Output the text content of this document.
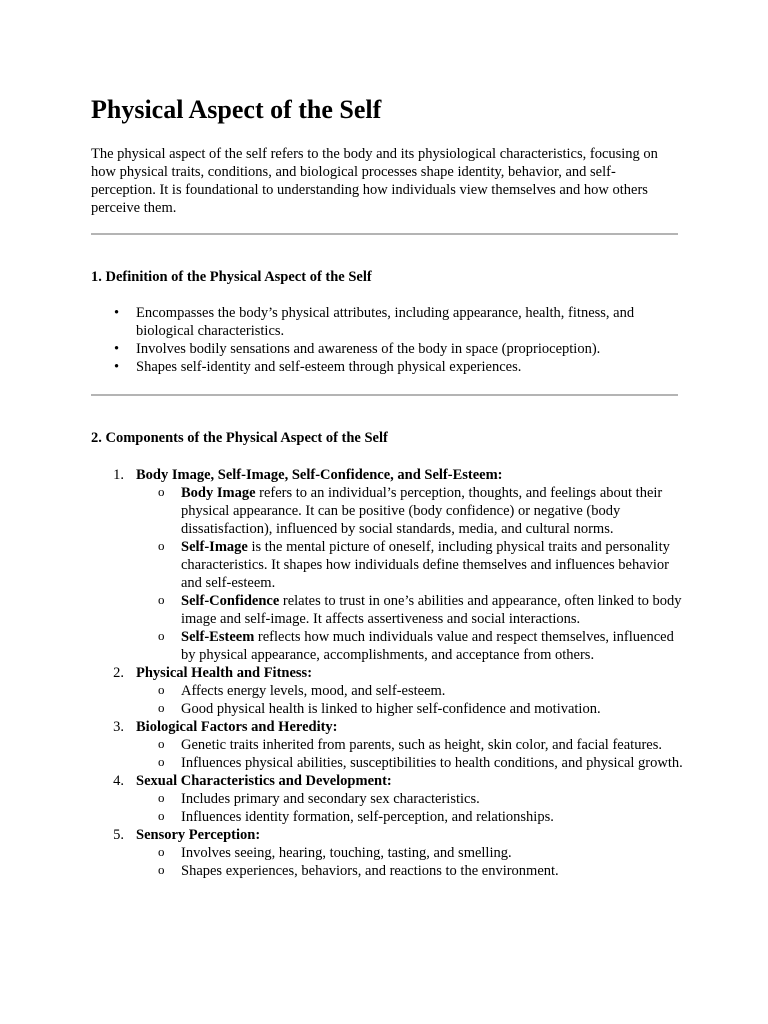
Physical Aspect of the Self

The physical aspect of the self refers to the body and its physiological characteristics, focusing on how physical traits, conditions, and biological processes shape identity, behavior, and self-perception. It is foundational to understanding how individuals view themselves and how others perceive them.

1. Definition of the Physical Aspect of the Self
• Encompasses the body’s physical attributes, including appearance, health, fitness, and biological characteristics.
• Involves bodily sensations and awareness of the body in space (proprioception).
• Shapes self-identity and self-esteem through physical experiences.
2. Components of the Physical Aspect of the Self
1. Body Image, Self-Image, Self-Confidence, and Self-Esteem:
o Body Image refers to an individual’s perception, thoughts, and feelings about their physical appearance. It can be positive (body confidence) or negative (body dissatisfaction), influenced by social standards, media, and cultural norms.
o Self-Image is the mental picture of oneself, including physical traits and personality characteristics. It shapes how individuals define themselves and influences behavior and self-esteem.
o Self-Confidence relates to trust in one’s abilities and appearance, often linked to body image and self-image. It affects assertiveness and social interactions.
o Self-Esteem reflects how much individuals value and respect themselves, influenced by physical appearance, accomplishments, and acceptance from others.
2. Physical Health and Fitness:
o Affects energy levels, mood, and self-esteem.
o Good physical health is linked to higher self-confidence and motivation.
3. Biological Factors and Heredity:
o Genetic traits inherited from parents, such as height, skin color, and facial features.
o Influences physical abilities, susceptibilities to health conditions, and physical growth.
4. Sexual Characteristics and Development:
o Includes primary and secondary sex characteristics.
o Influences identity formation, self-perception, and relationships.
5. Sensory Perception:
o Involves seeing, hearing, touching, tasting, and smelling.
o Shapes experiences, behaviors, and reactions to the environment.
